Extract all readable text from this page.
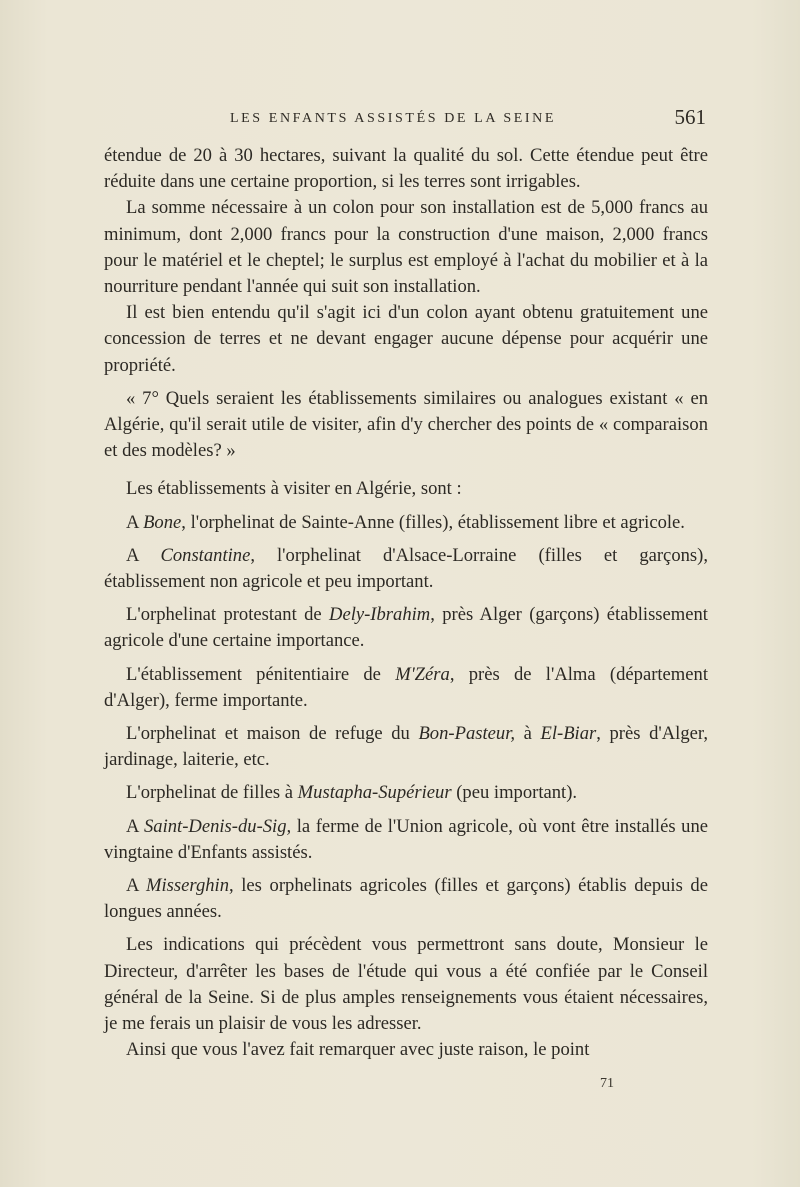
LES ENFANTS ASSISTÉS DE LA SEINE	561

étendue de 20 à 30 hectares, suivant la qualité du sol. Cette étendue peut être réduite dans une certaine proportion, si les terres sont irrigables.

La somme nécessaire à un colon pour son installation est de 5,000 francs au minimum, dont 2,000 francs pour la construction d'une maison, 2,000 francs pour le matériel et le cheptel; le surplus est employé à l'achat du mobilier et à la nourriture pendant l'année qui suit son installation.

Il est bien entendu qu'il s'agit ici d'un colon ayant obtenu gratuitement une concession de terres et ne devant engager aucune dépense pour acquérir une propriété.

« 7° Quels seraient les établissements similaires ou analogues existant « en Algérie, qu'il serait utile de visiter, afin d'y chercher des points de « comparaison et des modèles? »

Les établissements à visiter en Algérie, sont :

A Bone, l'orphelinat de Sainte-Anne (filles), établissement libre et agricole.

A Constantine, l'orphelinat d'Alsace-Lorraine (filles et garçons), établissement non agricole et peu important.

L'orphelinat protestant de Dely-Ibrahim, près Alger (garçons) établissement agricole d'une certaine importance.

L'établissement pénitentiaire de M'Zéra, près de l'Alma (département d'Alger), ferme importante.

L'orphelinat et maison de refuge du Bon-Pasteur, à El-Biar, près d'Alger, jardinage, laiterie, etc.

L'orphelinat de filles à Mustapha-Supérieur (peu important).

A Saint-Denis-du-Sig, la ferme de l'Union agricole, où vont être installés une vingtaine d'Enfants assistés.

A Misserghin, les orphelinats agricoles (filles et garçons) établis depuis de longues années.

Les indications qui précèdent vous permettront sans doute, Monsieur le Directeur, d'arrêter les bases de l'étude qui vous a été confiée par le Conseil général de la Seine. Si de plus amples renseignements vous étaient nécessaires, je me ferais un plaisir de vous les adresser.

Ainsi que vous l'avez fait remarquer avec juste raison, le point

71
